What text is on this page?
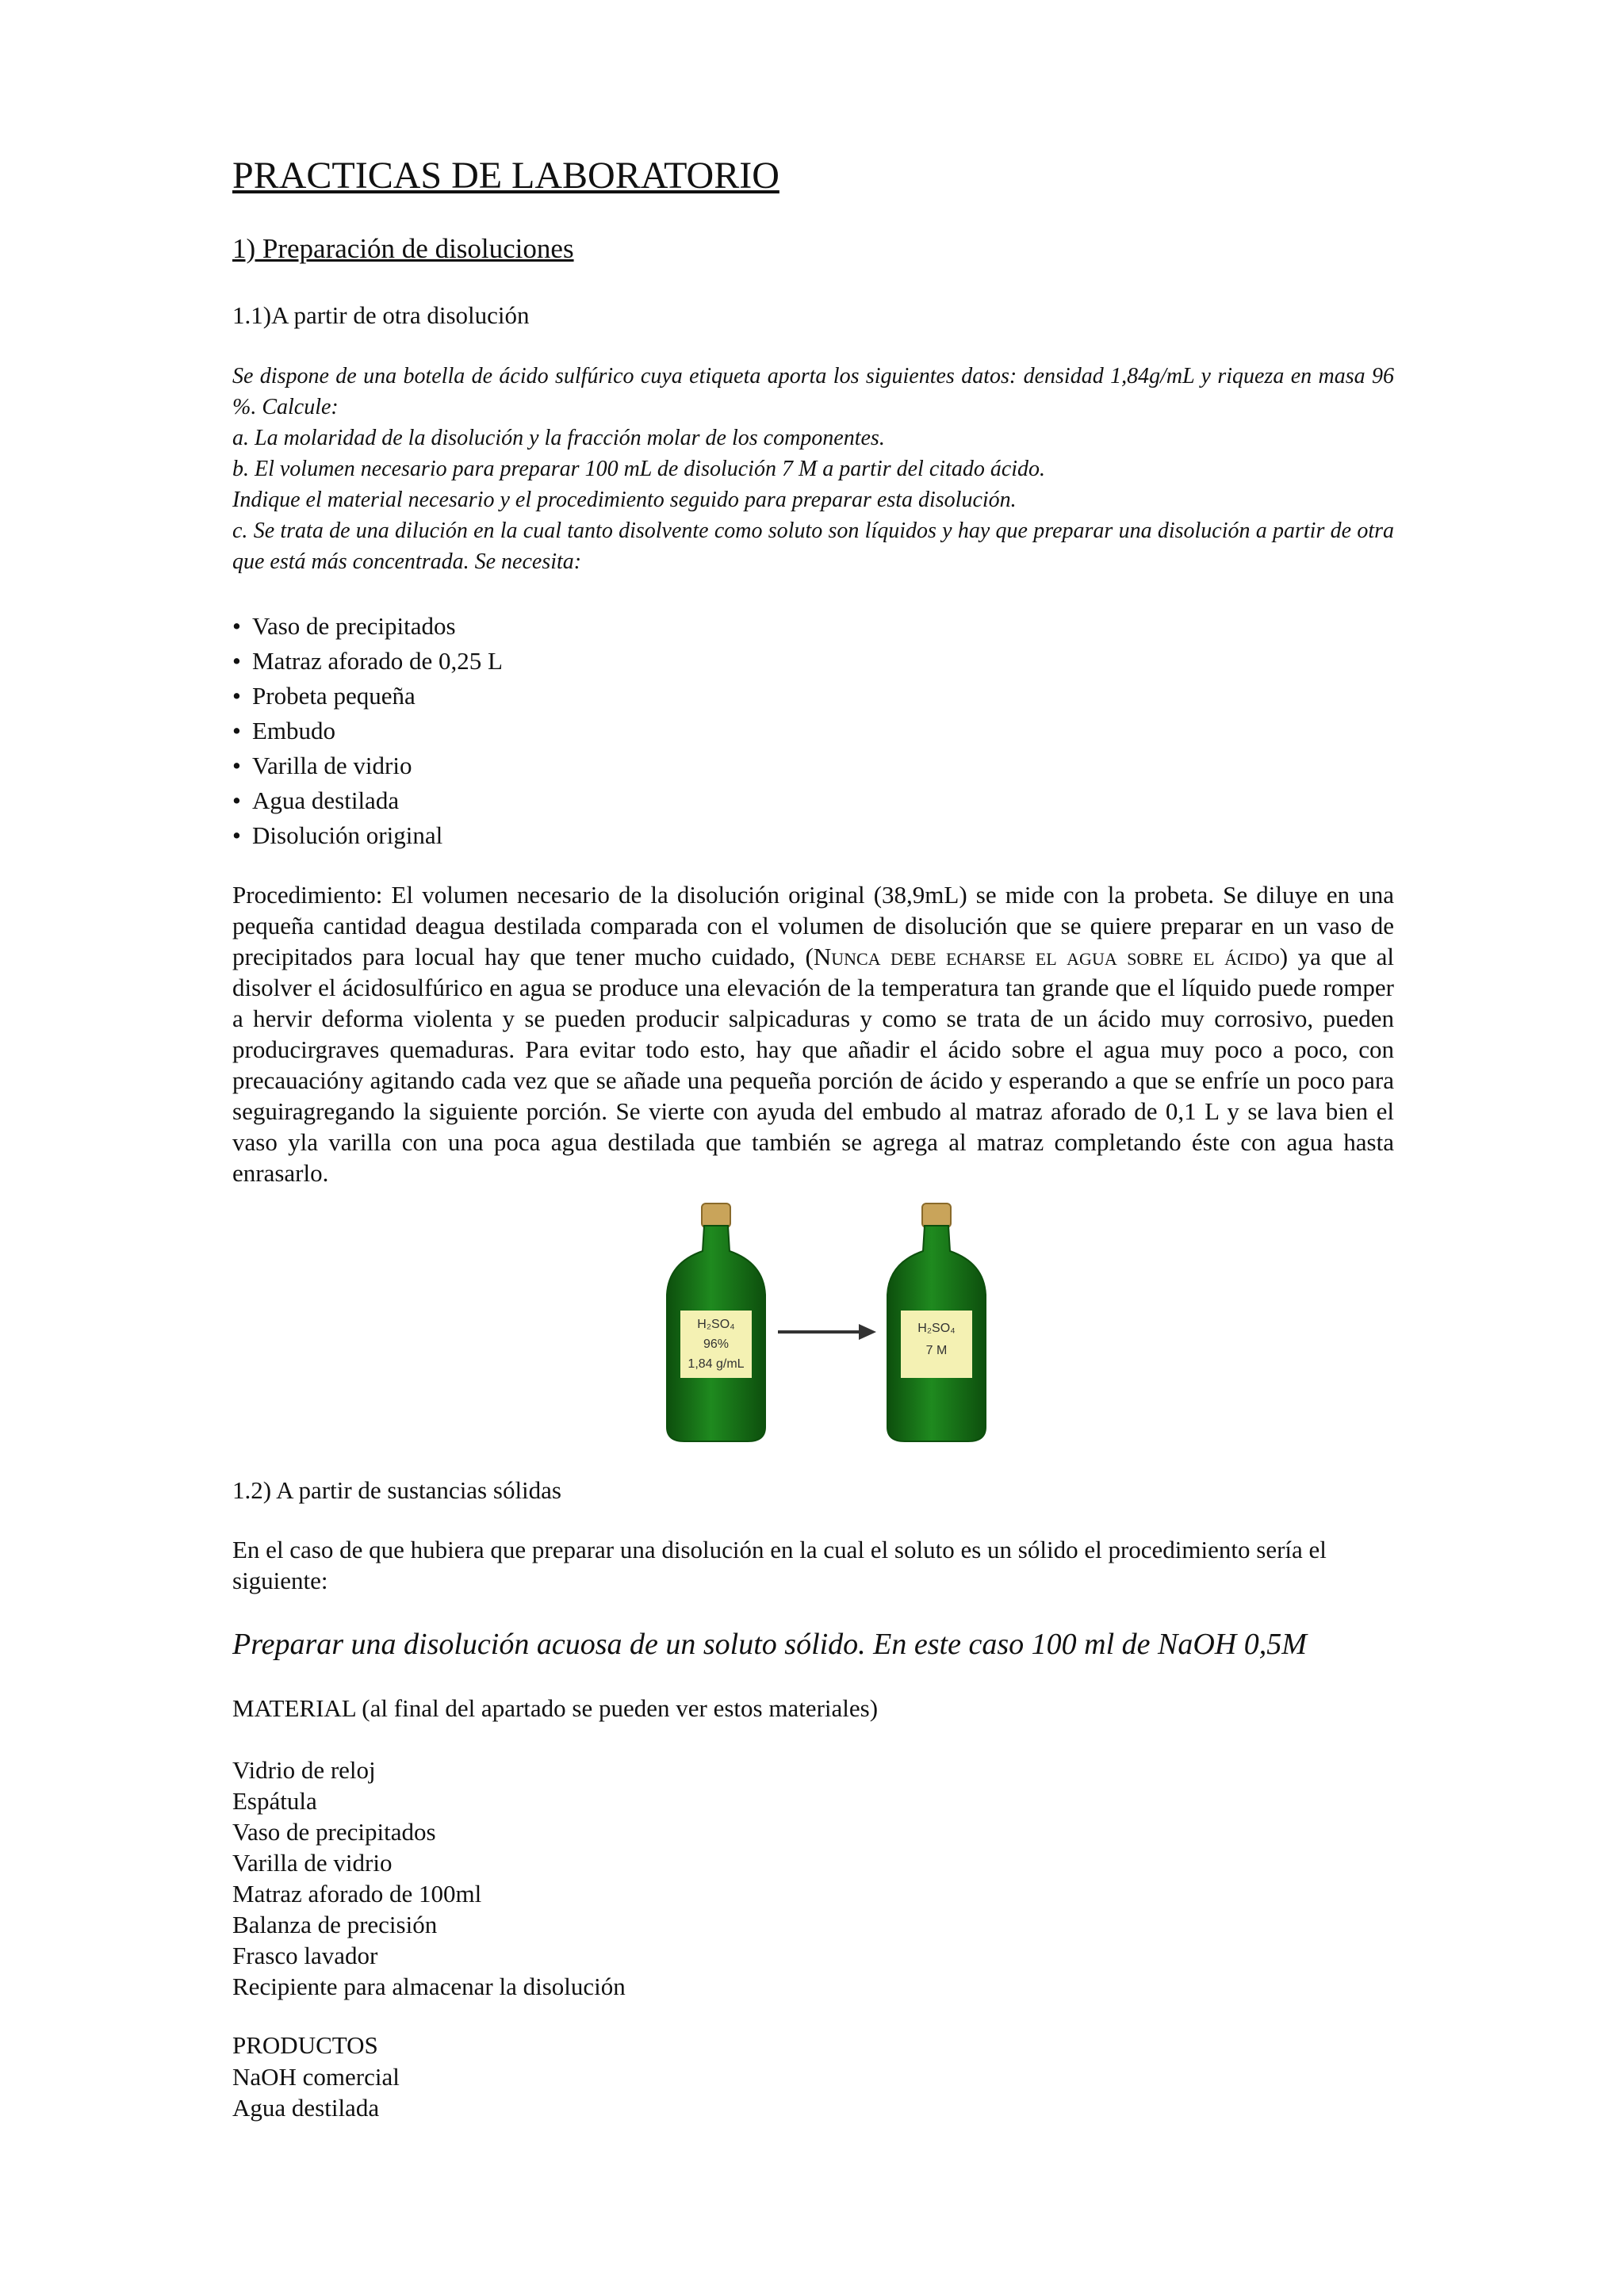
PRACTICAS DE LABORATORIO
1) Preparación de disoluciones
1.1)A partir de otra disolución
Se dispone de una botella de ácido sulfúrico cuya etiqueta aporta los siguientes datos: densidad 1,84g/mL y riqueza en masa 96 %. Calcule:
a. La molaridad de la disolución y la fracción molar de los componentes.
b. El volumen necesario para preparar 100 mL de disolución 7 M a partir del citado ácido.
Indique el material necesario y el procedimiento seguido para preparar esta disolución.
c. Se trata de una dilución en la cual tanto disolvente como soluto son líquidos y hay que preparar una disolución a partir de otra que está más concentrada. Se necesita:
• Vaso de precipitados
• Matraz aforado de 0,25 L
• Probeta pequeña
• Embudo
• Varilla de vidrio
• Agua destilada
• Disolución original

Procedimiento: El volumen necesario de la disolución original (38,9mL) se mide con la probeta. Se diluye en una pequeña cantidad deagua destilada comparada con el volumen de disolución que se quiere preparar en un vaso de precipitados para locual hay que tener mucho cuidado, (Nunca debe echarse el agua sobre el ácido) ya que al disolver el ácidosulfúrico en agua se produce una elevación de la temperatura tan grande que el líquido puede romper a hervir deforma violenta y se pueden producir salpicaduras y como se trata de un ácido muy corrosivo, pueden producirgraves quemaduras. Para evitar todo esto, hay que añadir el ácido sobre el agua muy poco a poco, con precauacióny agitando cada vez que se añade una pequeña porción de ácido y esperando a que se enfríe un poco para seguiragregando la siguiente porción. Se vierte con ayuda del embudo al matraz aforado de 0,1 L y se lava bien el vaso yla varilla con una poca agua destilada que también se agrega al matraz completando éste con agua hasta enrasarlo.

H₂SO₄
96%
1,84 g/mL
H₂SO₄
7 M
1.2) A partir de sustancias sólidas

En el caso de que hubiera que preparar una disolución en la cual el soluto es un sólido el procedimiento sería el siguiente:

Preparar una disolución acuosa de un soluto sólido. En este caso 100 ml de NaOH 0,5M
MATERIAL (al final del apartado se pueden ver estos materiales)
Vidrio de reloj
Espátula
Vaso de precipitados
Varilla de vidrio
Matraz aforado de 100ml
Balanza de precisión
Frasco lavador
Recipiente para almacenar la disolución
PRODUCTOS
NaOH comercial
Agua destilada
